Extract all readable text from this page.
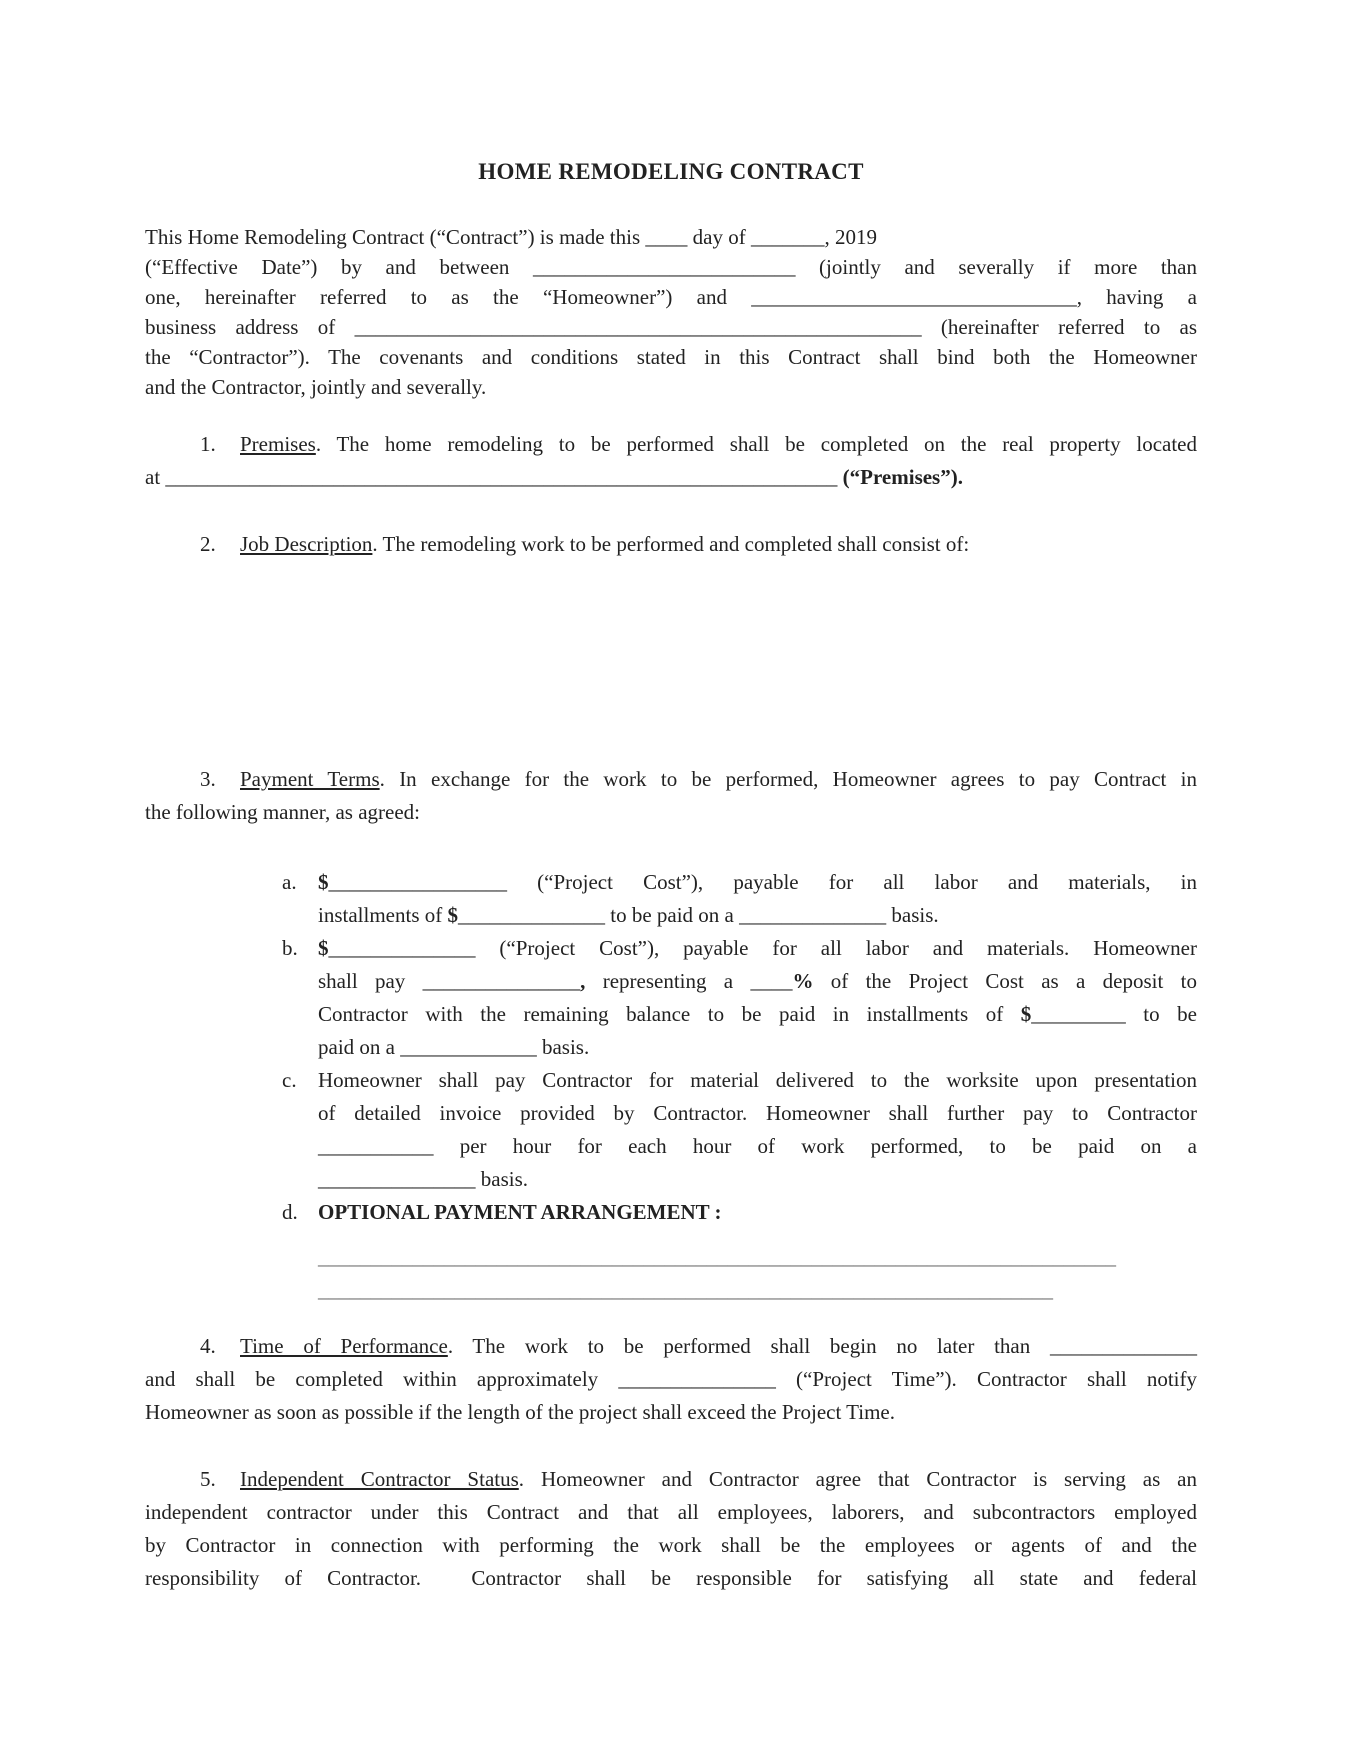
HOME REMODELING CONTRACT
This Home Remodeling Contract (“Contract”) is made this ____ day of _______, 2019
(“Effective Date”) by and between _________________________ (jointly and severally if more than
one, hereinafter referred to as the “Homeowner”) and _______________________________, having a
business address of ______________________________________________________ (hereinafter referred to as
the “Contractor”). The covenants and conditions stated in this Contract shall bind both the Homeowner
and the Contractor, jointly and severally.
1. Premises. The home remodeling to be performed shall be completed on the real property located
at ________________________________________________________________ (“Premises”).
2. Job Description. The remodeling work to be performed and completed shall consist of:
3. Payment Terms. In exchange for the work to be performed, Homeowner agrees to pay Contract in
the following manner, as agreed:
a. $_________________ (“Project Cost”), payable for all labor and materials, in
installments of $______________ to be paid on a ______________ basis.
b. $______________ (“Project Cost”), payable for all labor and materials. Homeowner
shall pay _______________, representing a ____% of the Project Cost as a deposit to
Contractor with the remaining balance to be paid in installments of $_________ to be
paid on a _____________ basis.
c. Homeowner shall pay Contractor for material delivered to the worksite upon presentation
of detailed invoice provided by Contractor. Homeowner shall further pay to Contractor
___________ per hour for each hour of work performed, to be paid on a
_______________ basis.
d. OPTIONAL PAYMENT ARRANGEMENT :
____________________________________________________________________________
______________________________________________________________________
4. Time of Performance. The work to be performed shall begin no later than ______________
and shall be completed within approximately _______________ (“Project Time”). Contractor shall notify
Homeowner as soon as possible if the length of the project shall exceed the Project Time.
5. Independent Contractor Status. Homeowner and Contractor agree that Contractor is serving as an
independent contractor under this Contract and that all employees, laborers, and subcontractors employed
by Contractor in connection with performing the work shall be the employees or agents of and the
responsibility of Contractor.  Contractor shall be responsible for satisfying all state and federal
